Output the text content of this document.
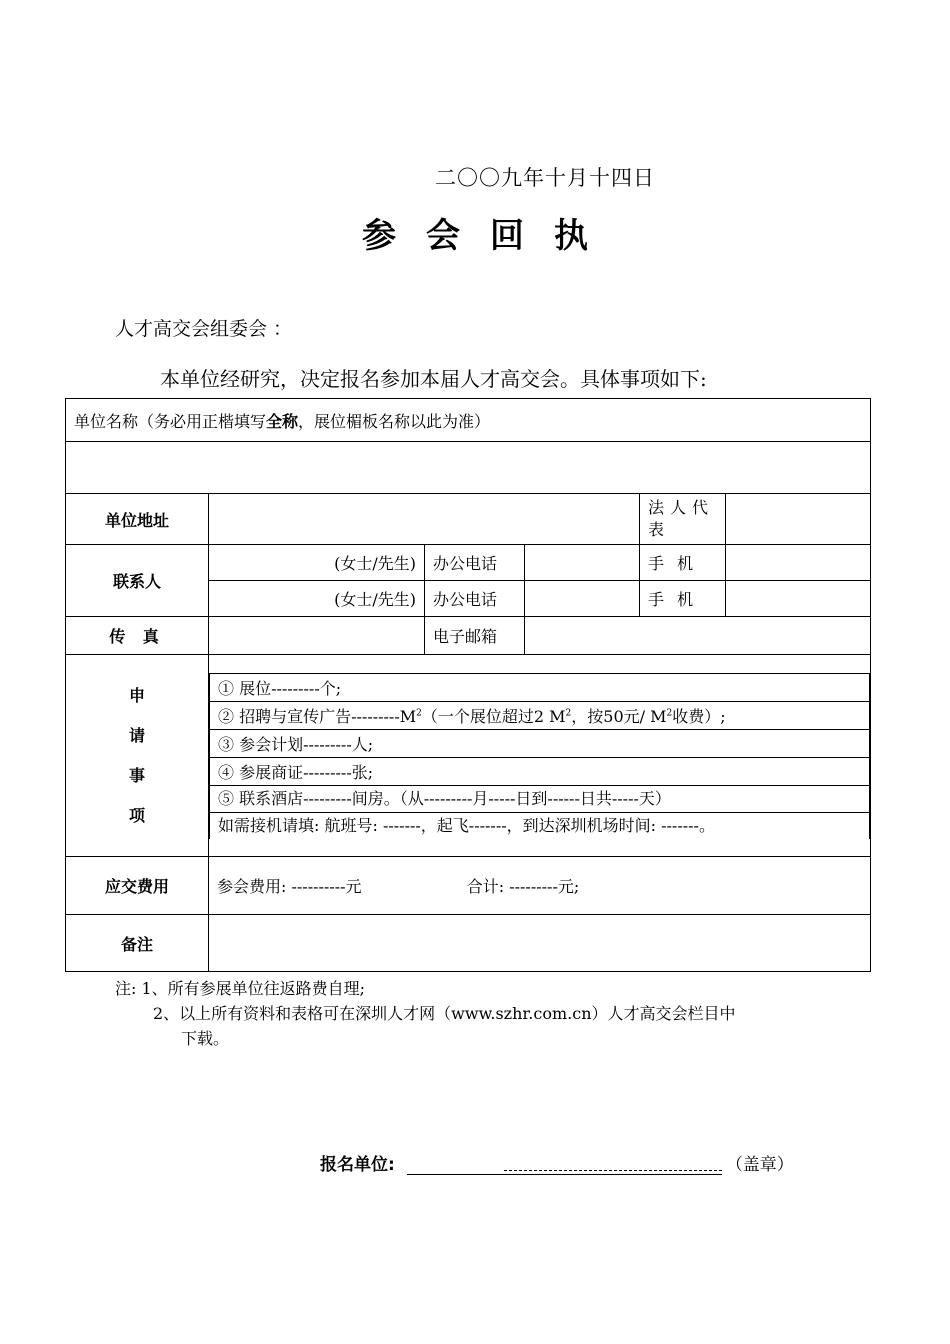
二〇〇九年十月十四日
参会回执
人才高交会组委会 ：
本单位经研究，决定报名参加本届人才高交会。具体事项如下:
单位名称（务必用正楷填写全称，展位楣板名称以此为准）

单位地址		法人代表	
联系人	(女士/先生)	办公电话		手 机	
(女士/先生)	办公电话		手 机	
传 真		电子邮箱	

申
请
事
项

① 展位---------个;
② 招聘与宣传广告$---------M^2$（一个展位超过2 $M^2$，按50元/ $M^2$收费）;
③ 参会计划---------人;
④ 参展商证---------张;
⑤ 联系酒店---------间房。（从---------月-----日到------日共-----天）
如需接机请填: 航班号: -------，起飞-------，到达深圳机场时间: -------。

应交费用	参会费用: ----------元	合计: ---------元;
备注	
注: 1、所有参展单位往返路费自理;
2、以上所有资料和表格可在深圳人才网（www.szhr.com.cn）人才高交会栏目中
下载。
报名单位:	（盖章）
